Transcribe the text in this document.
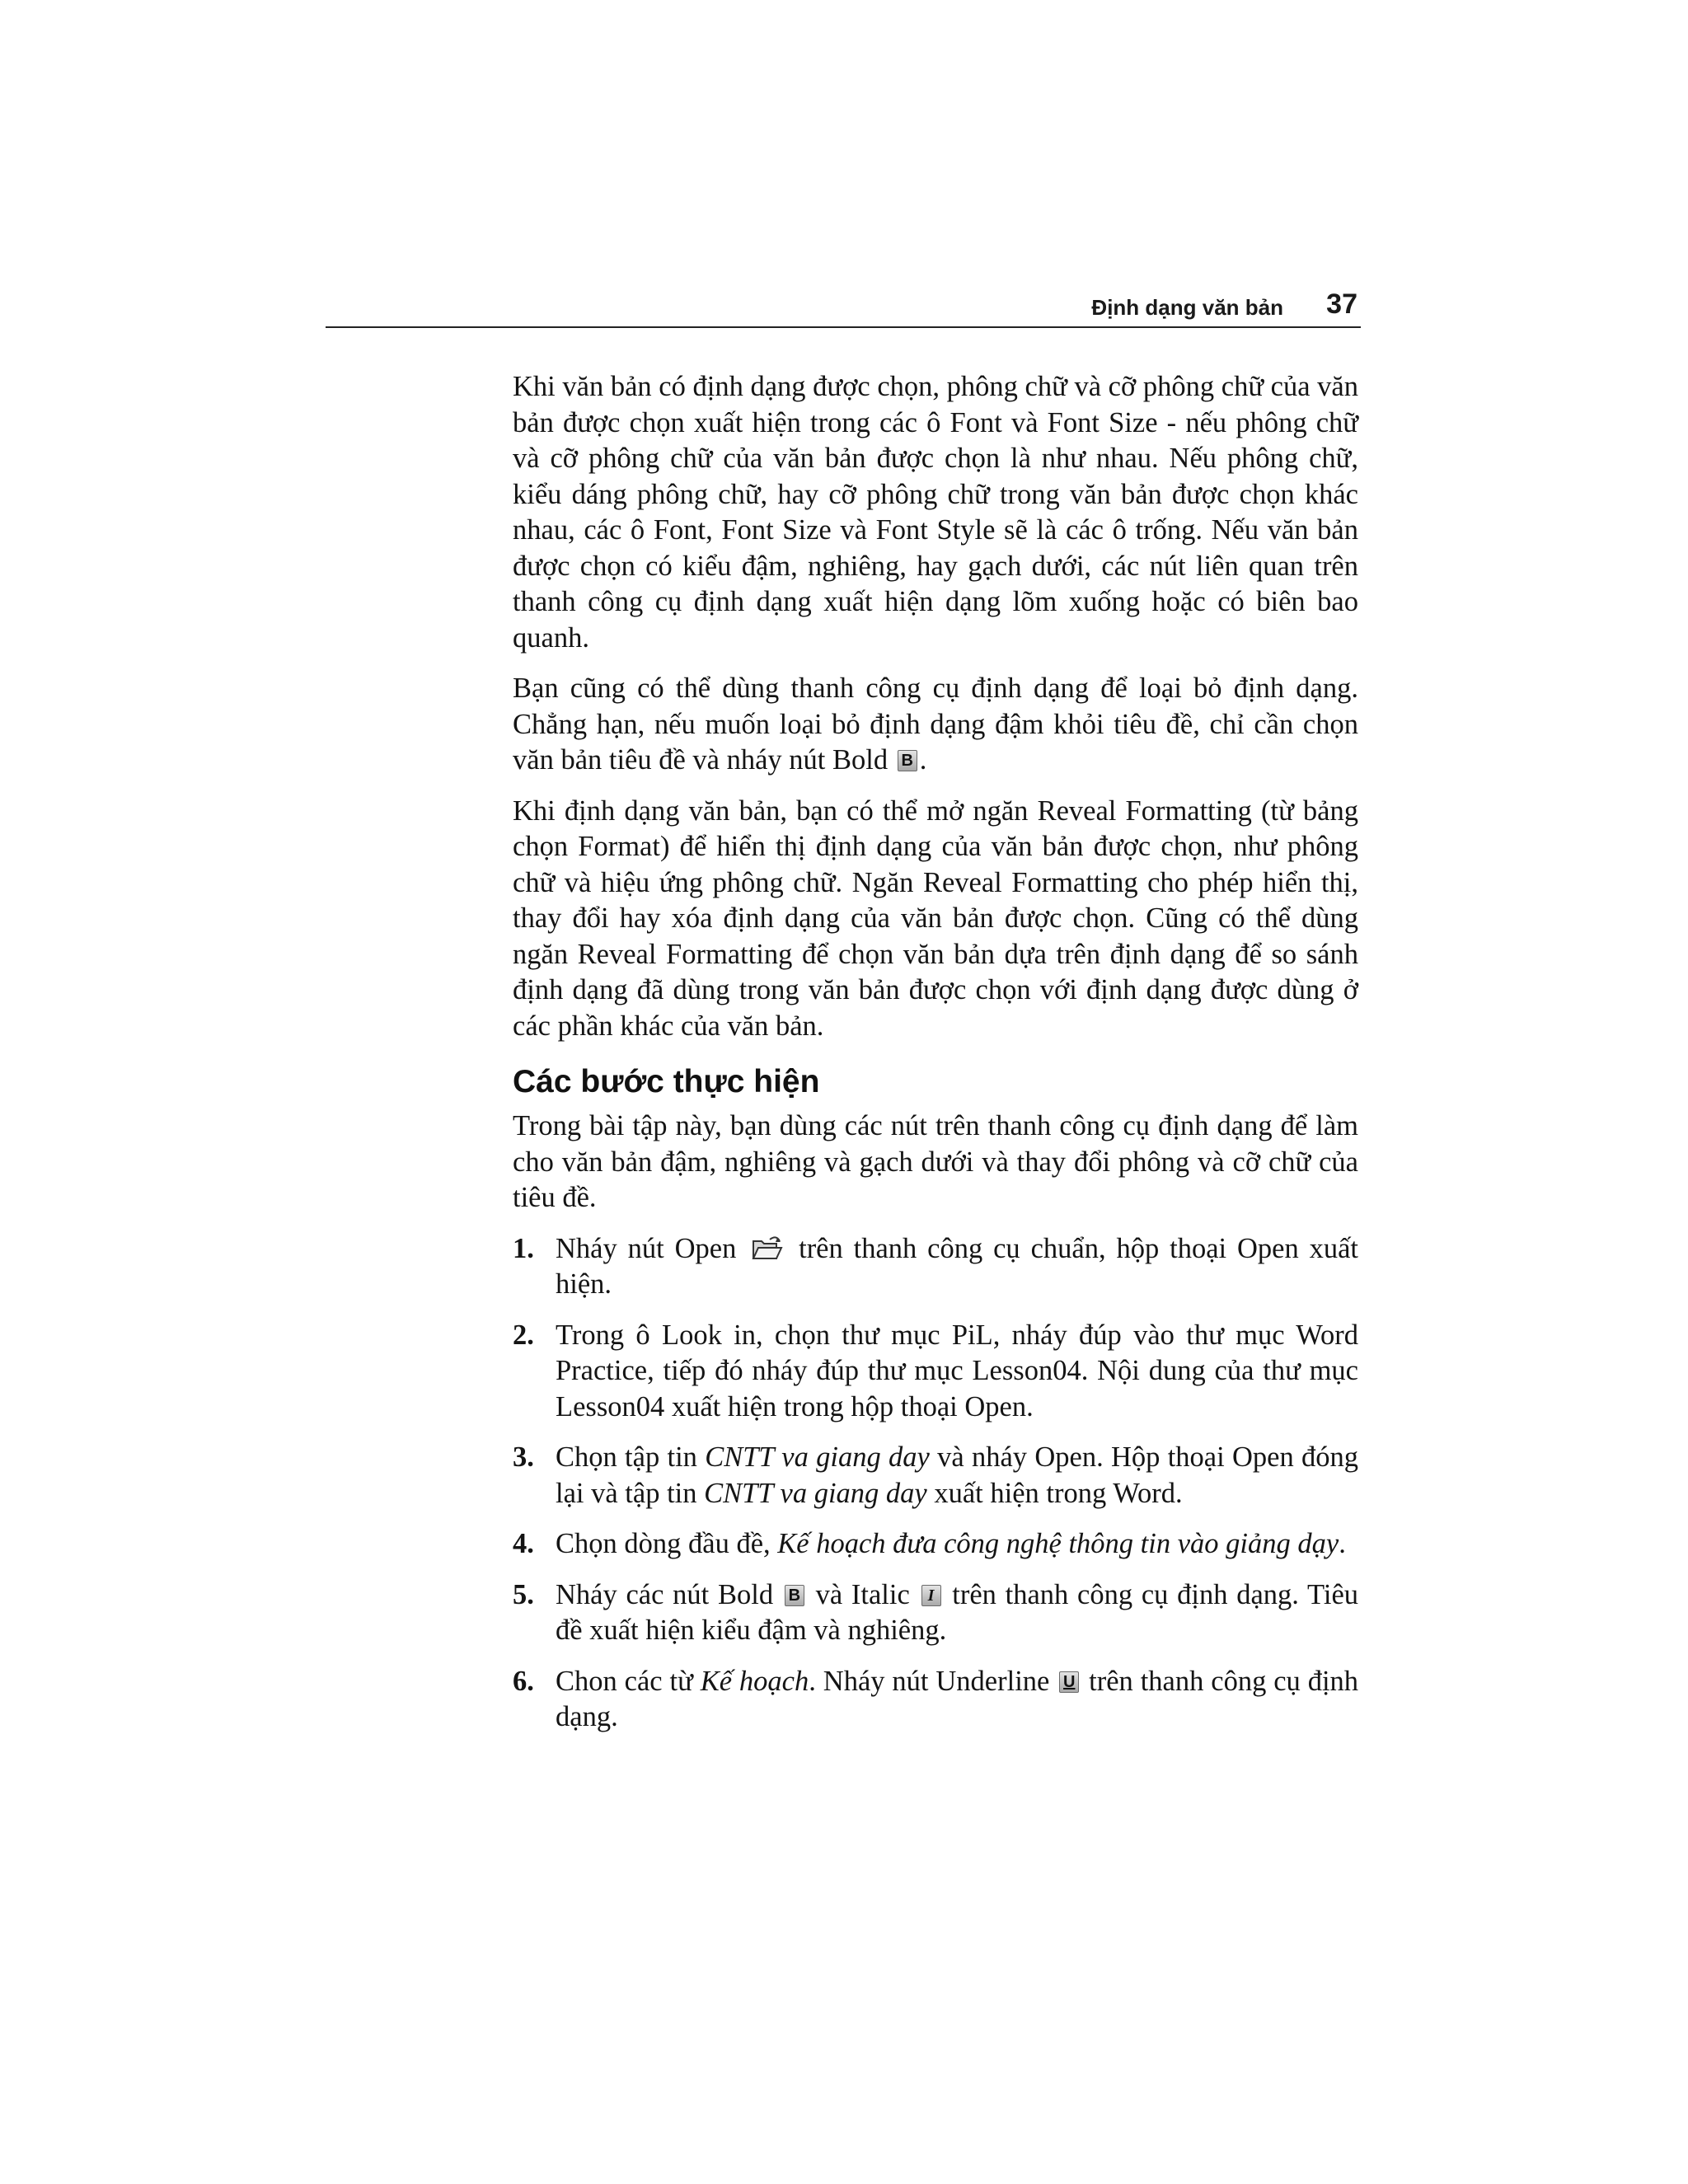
Định dạng văn bản 37

Khi văn bản có định dạng được chọn, phông chữ và cỡ phông chữ của văn bản được chọn xuất hiện trong các ô Font và Font Size - nếu phông chữ và cỡ phông chữ của văn bản được chọn là như nhau. Nếu phông chữ, kiểu dáng phông chữ, hay cỡ phông chữ trong văn bản được chọn khác nhau, các ô Font, Font Size và Font Style sẽ là các ô trống. Nếu văn bản được chọn có kiểu đậm, nghiêng, hay gạch dưới, các nút liên quan trên thanh công cụ định dạng xuất hiện dạng lõm xuống hoặc có biên bao quanh.

Bạn cũng có thể dùng thanh công cụ định dạng để loại bỏ định dạng. Chẳng hạn, nếu muốn loại bỏ định dạng đậm khỏi tiêu đề, chỉ cần chọn văn bản tiêu đề và nháy nút Bold B .

Khi định dạng văn bản, bạn có thể mở ngăn Reveal Formatting (từ bảng chọn Format) để hiển thị định dạng của văn bản được chọn, như phông chữ và hiệu ứng phông chữ. Ngăn Reveal Formatting cho phép hiển thị, thay đổi hay xóa định dạng của văn bản được chọn. Cũng có thể dùng ngăn Reveal Formatting để chọn văn bản dựa trên định dạng để so sánh định dạng đã dùng trong văn bản được chọn với định dạng được dùng ở các phần khác của văn bản.

Các bước thực hiện

Trong bài tập này, bạn dùng các nút trên thanh công cụ định dạng để làm cho văn bản đậm, nghiêng và gạch dưới và thay đổi phông và cỡ chữ của tiêu đề.

1. Nháy nút Open trên thanh công cụ chuẩn, hộp thoại Open xuất hiện.
2. Trong ô Look in, chọn thư mục PiL, nháy đúp vào thư mục Word Practice, tiếp đó nháy đúp thư mục Lesson04. Nội dung của thư mục Lesson04 xuất hiện trong hộp thoại Open.
3. Chọn tập tin CNTT va giang day và nháy Open. Hộp thoại Open đóng lại và tập tin CNTT va giang day xuất hiện trong Word.
4. Chọn dòng đầu đề, Kế hoạch đưa công nghệ thông tin vào giảng dạy.
5. Nháy các nút Bold B và Italic	I trên thanh công cụ định dạng. Tiêu đề xuất hiện kiểu đậm và nghiêng.
6. Chon các từ Kế hoạch. Nháy nút Underline U trên thanh công cụ định dạng.
